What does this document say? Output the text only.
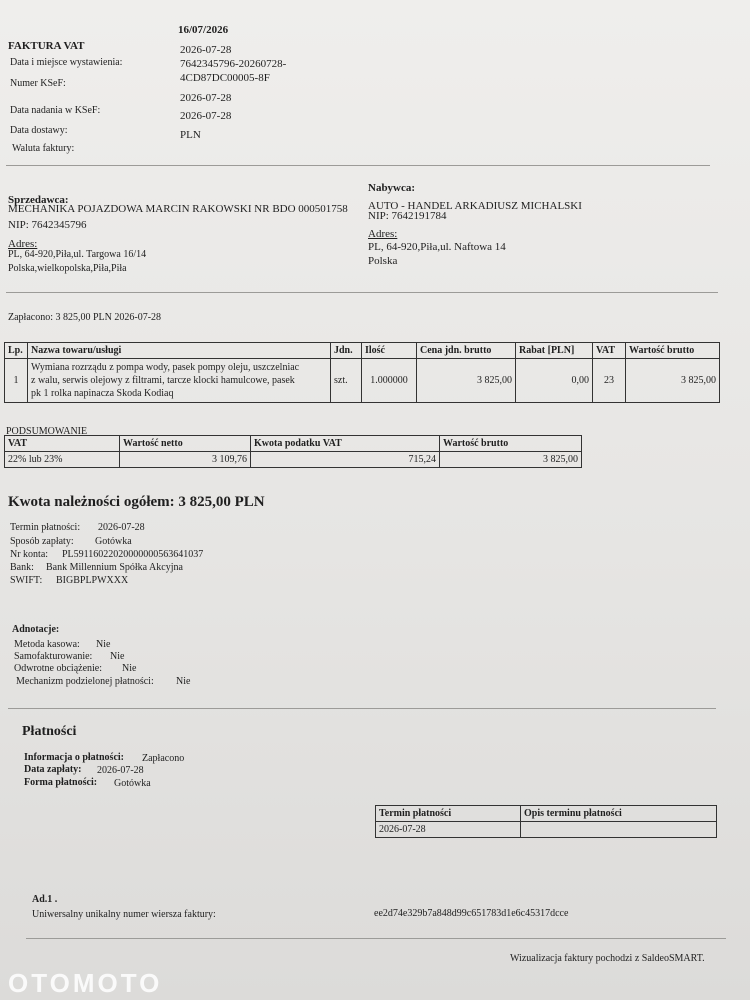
16/07/2026
FAKTURA VAT
Data i miejsce wystawienia:
2026-07-28
Numer KSeF:
7642345796-20260728-
4CD87DC00005-8F
Data nadania w KSeF:
2026-07-28
Data dostawy:
2026-07-28
Waluta faktury:
PLN
Sprzedawca:
MECHANIKA POJAZDOWA MARCIN RAKOWSKI NR BDO 000501758
NIP: 7642345796
Adres:
PL, 64-920,Piła,ul. Targowa 16/14
Polska,wielkopolska,Piła,Piła
Nabywca:
AUTO - HANDEL ARKADIUSZ MICHALSKI
NIP: 7642191784
Adres:
PL, 64-920,Piła,ul. Naftowa 14
Polska
Zapłacono: 3 825,00 PLN 2026-07-28
Lp.	Nazwa towaru/usługi	Jdn.	Ilość	Cena jdn. brutto	Rabat [PLN]	VAT	Wartość brutto
1	Wymiana rozrządu z pompa wody, pasek pompy oleju, uszczelniac
z walu, serwis olejowy z filtrami, tarcze klocki hamulcowe, pasek
pk 1 rolka napinacza Skoda Kodiaq	szt.	1.000000	3 825,00	0,00	23	3 825,00
PODSUMOWANIE
VAT	Wartość netto	Kwota podatku VAT	Wartość brutto
22% lub 23%	3 109,76	715,24	3 825,00
Kwota należności ogółem: 3 825,00 PLN
Termin płatności: 2026-07-28
Sposób zapłaty: Gotówka
Nr konta: PL59116022020000000563641037
Bank: Bank Millennium Spółka Akcyjna
SWIFT: BIGBPLPWXXX
Adnotacje:
Metoda kasowa: Nie
Samofakturowanie: Nie
Odwrotne obciążenie: Nie
Mechanizm podzielonej płatności: Nie
Płatności
Informacja o płatności: Zapłacono
Data zapłaty: 2026-07-28
Forma płatności: Gotówka
Termin płatności	Opis terminu płatności
2026-07-28	
Ad.1 .
Uniwersalny unikalny numer wiersza faktury:	ee2d74e329b7a848d99c651783d1e6c45317dcce
Wizualizacja faktury pochodzi z SaldeoSMART.
OTOMOTO
